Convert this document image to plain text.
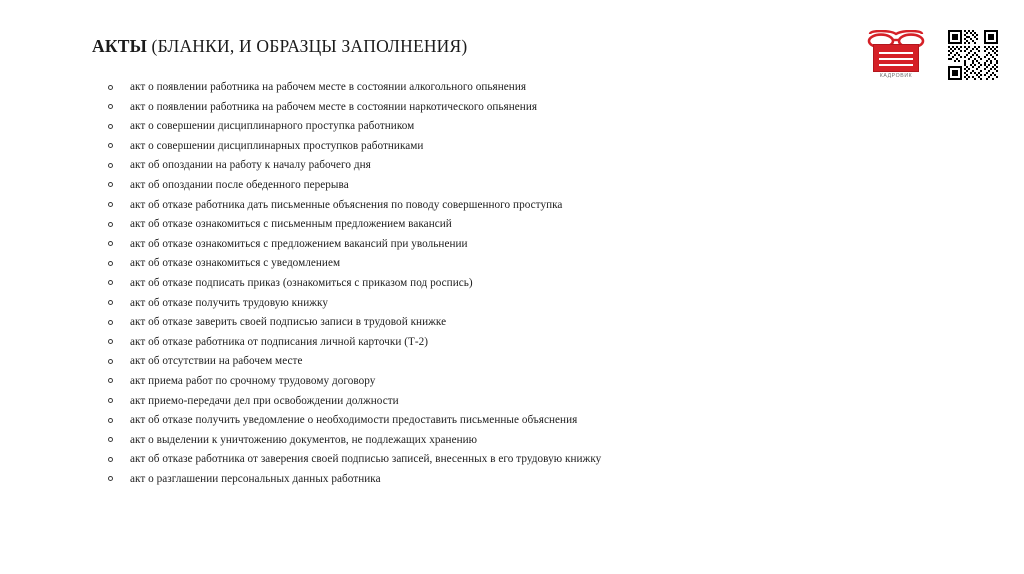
АКТЫ (БЛАНКИ, И ОБРАЗЦЫ ЗАПОЛНЕНИЯ)
КАДРОВИК
акт о появлении работника на рабочем месте в состоянии алкогольного опьянения
акт о появлении работника на рабочем месте в состоянии наркотического опьянения
акт о совершении дисциплинарного проступка работником
акт о совершении дисциплинарных проступков работниками
акт об опоздании на работу к началу рабочего дня
акт об опоздании после обеденного перерыва
акт об отказе работника дать письменные объяснения по поводу совершенного проступка
акт об отказе ознакомиться с письменным предложением вакансий
акт об отказе ознакомиться с предложением вакансий при увольнении
акт об отказе ознакомиться с уведомлением
акт об отказе подписать приказ (ознакомиться с приказом под роспись)
акт об отказе получить трудовую книжку
акт об отказе заверить своей подписью записи в трудовой книжке
акт об отказе работника от подписания личной карточки (Т-2)
акт об отсутствии на рабочем месте
акт приема работ по срочному трудовому договору
акт приемо-передачи дел при освобождении должности
акт об отказе получить уведомление о необходимости предоставить письменные объяснения
акт о выделении к уничтожению документов, не подлежащих хранению
акт об отказе работника от заверения своей подписью записей, внесенных в его трудовую книжку
акт о разглашении персональных данных работника
